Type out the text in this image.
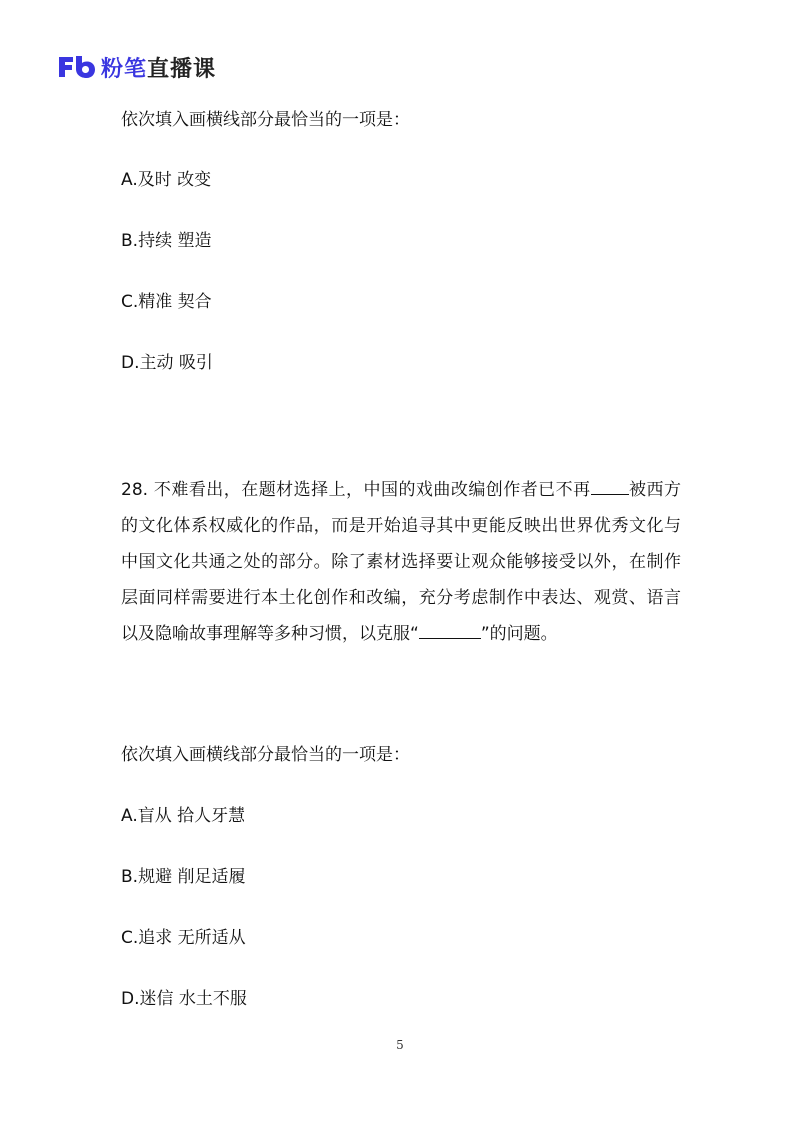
粉笔直播课
依次填入画横线部分最恰当的一项是：
A.及时 改变
B.持续 塑造
C.精准 契合
D.主动 吸引
28. 不难看出，在题材选择上，中国的戏曲改编创作者已不再 被西方的文化体系权威化的作品，而是开始追寻其中更能反映出世界优秀文化与中国文化共通之处的部分。除了素材选择要让观众能够接受以外，在制作层面同样需要进行本土化创作和改编，充分考虑制作中表达、观赏、语言以及隐喻故事理解等多种习惯，以克服“	”的问题。
依次填入画横线部分最恰当的一项是：
A.盲从 拾人牙慧
B.规避 削足适履
C.追求 无所适从
D.迷信 水土不服
5
